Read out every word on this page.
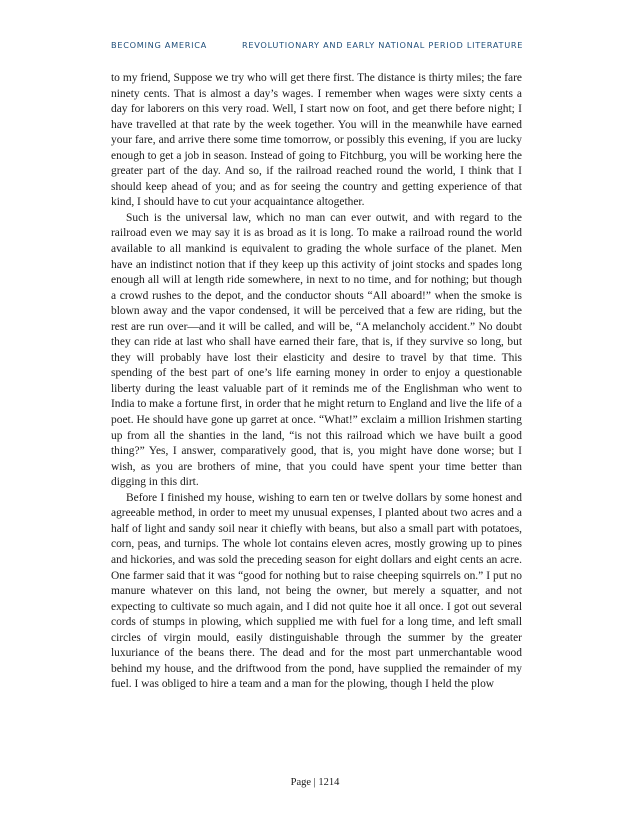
BECOMING AMERICA	REVOLUTIONARY AND EARLY NATIONAL PERIOD LITERATURE

to my friend, Suppose we try who will get there first. The distance is thirty miles; the fare ninety cents. That is almost a day’s wages. I remember when wages were sixty cents a day for laborers on this very road. Well, I start now on foot, and get there before night; I have travelled at that rate by the week together. You will in the meanwhile have earned your fare, and arrive there some time tomorrow, or possibly this evening, if you are lucky enough to get a job in season. Instead of going to Fitchburg, you will be working here the greater part of the day. And so, if the railroad reached round the world, I think that I should keep ahead of you; and as for seeing the country and getting experience of that kind, I should have to cut your acquaintance altogether.

Such is the universal law, which no man can ever outwit, and with regard to the railroad even we may say it is as broad as it is long. To make a railroad round the world available to all mankind is equivalent to grading the whole surface of the planet. Men have an indistinct notion that if they keep up this activity of joint stocks and spades long enough all will at length ride somewhere, in next to no time, and for nothing; but though a crowd rushes to the depot, and the conductor shouts “All aboard!” when the smoke is blown away and the vapor condensed, it will be perceived that a few are riding, but the rest are run over—and it will be called, and will be, “A melancholy accident.” No doubt they can ride at last who shall have earned their fare, that is, if they survive so long, but they will probably have lost their elasticity and desire to travel by that time. This spending of the best part of one’s life earning money in order to enjoy a questionable liberty during the least valuable part of it reminds me of the Englishman who went to India to make a fortune first, in order that he might return to England and live the life of a poet. He should have gone up garret at once. “What!” exclaim a million Irishmen starting up from all the shanties in the land, “is not this railroad which we have built a good thing?” Yes, I answer, comparatively good, that is, you might have done worse; but I wish, as you are brothers of mine, that you could have spent your time better than digging in this dirt.

Before I finished my house, wishing to earn ten or twelve dollars by some honest and agreeable method, in order to meet my unusual expenses, I planted about two acres and a half of light and sandy soil near it chiefly with beans, but also a small part with potatoes, corn, peas, and turnips. The whole lot contains eleven acres, mostly growing up to pines and hickories, and was sold the preceding season for eight dollars and eight cents an acre. One farmer said that it was “good for nothing but to raise cheeping squirrels on.” I put no manure whatever on this land, not being the owner, but merely a squatter, and not expecting to cultivate so much again, and I did not quite hoe it all once. I got out several cords of stumps in plowing, which supplied me with fuel for a long time, and left small circles of virgin mould, easily distinguishable through the summer by the greater luxuriance of the beans there. The dead and for the most part unmerchantable wood behind my house, and the driftwood from the pond, have supplied the remainder of my fuel. I was obliged to hire a team and a man for the plowing, though I held the plow

Page | 1214
